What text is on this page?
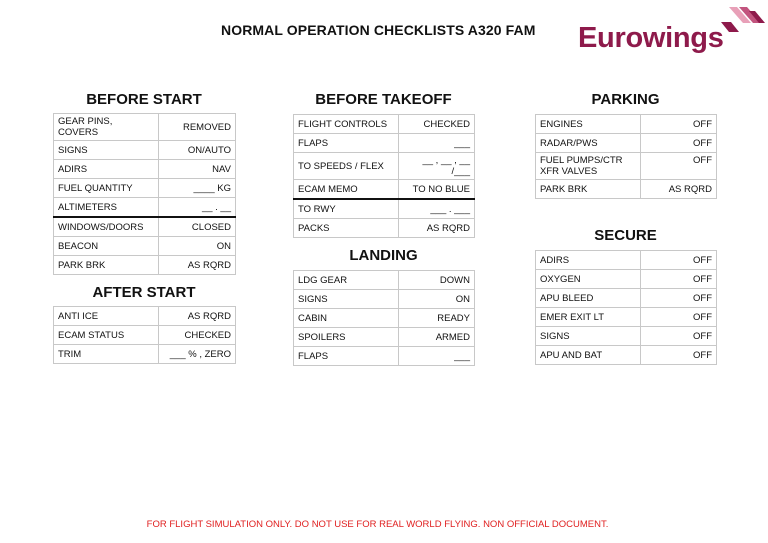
NORMAL OPERATION CHECKLISTS A320 FAM Eurowings
BEFORE START
GEAR PINS, COVERS	REMOVED
SIGNS	ON/AUTO
ADIRS	NAV
FUEL QUANTITY	____ KG
ALTIMETERS	__ . __
WINDOWS/DOORS	CLOSED
BEACON	ON
PARK BRK	AS RQRD
AFTER START
ANTI ICE	AS RQRD
ECAM STATUS	CHECKED
TRIM	___ % , ZERO
BEFORE TAKEOFF
FLIGHT CONTROLS	CHECKED
FLAPS	___
TO SPEEDS / FLEX	__ , __ , __ /___
ECAM MEMO	TO NO BLUE
TO RWY	___ . ___
PACKS	AS RQRD
LANDING
LDG GEAR	DOWN
SIGNS	ON
CABIN	READY
SPOILERS	ARMED
FLAPS	___
PARKING
ENGINES	OFF
RADAR/PWS	OFF
FUEL PUMPS/CTR
XFR VALVES	OFF
PARK BRK	AS RQRD
SECURE
ADIRS	OFF
OXYGEN	OFF
APU BLEED	OFF
EMER EXIT LT	OFF
SIGNS	OFF
APU AND BAT	OFF
FOR FLIGHT SIMULATION ONLY. DO NOT USE FOR REAL WORLD FLYING. NON OFFICIAL DOCUMENT.
